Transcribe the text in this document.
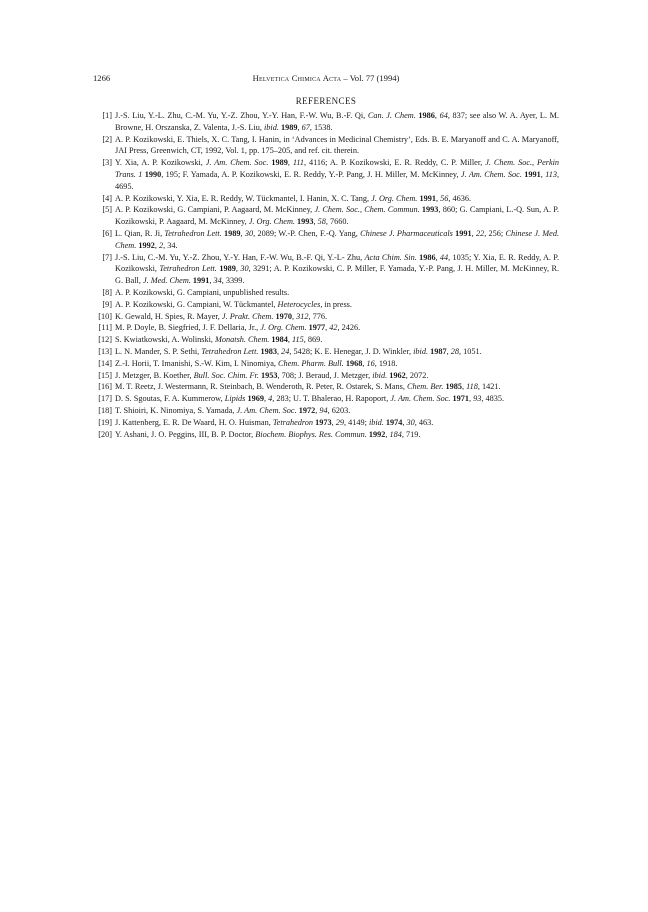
1266	Helvetica Chimica Acta – Vol. 77 (1994)
REFERENCES
[1] J.-S. Liu, Y.-L. Zhu, C.-M. Yu, Y.-Z. Zhou, Y.-Y. Han, F.-W. Wu, B.-F. Qi, Can. J. Chem. 1986, 64, 837; see also W. A. Ayer, L. M. Browne, H. Orszanska, Z. Valenta, J.-S. Liu, ibid. 1989, 67, 1538.
[2] A. P. Kozikowski, E. Thiels, X. C. Tang, I. Hanin, in ‘Advances in Medicinal Chemistry’, Eds. B. E. Maryanoff and C. A. Maryanoff, JAI Press, Greenwich, CT, 1992, Vol. 1, pp. 175–205, and ref. cit. therein.
[3] Y. Xia, A. P. Kozikowski, J. Am. Chem. Soc. 1989, 111, 4116; A. P. Kozikowski, E. R. Reddy, C. P. Miller, J. Chem. Soc., Perkin Trans. 1 1990, 195; F. Yamada, A. P. Kozikowski, E. R. Reddy, Y.-P. Pang, J. H. Miller, M. McKinney, J. Am. Chem. Soc. 1991, 113, 4695.
[4] A. P. Kozikowski, Y. Xia, E. R. Reddy, W. Tückmantel, I. Hanin, X. C. Tang, J. Org. Chem. 1991, 56, 4636.
[5] A. P. Kozikowski, G. Campiani, P. Aagaard, M. McKinney, J. Chem. Soc., Chem. Commun. 1993, 860; G. Campiani, L.-Q. Sun, A. P. Kozikowski, P. Aagaard, M. McKinney, J. Org. Chem. 1993, 58, 7660.
[6] L. Qian, R. Ji, Tetrahedron Lett. 1989, 30, 2089; W.-P. Chen, F.-Q. Yang, Chinese J. Pharmaceuticals 1991, 22, 256; Chinese J. Med. Chem. 1992, 2, 34.
[7] J.-S. Liu, C.-M. Yu, Y.-Z. Zhou, Y.-Y. Han, F.-W. Wu, B.-F. Qi, Y.-L- Zhu, Acta Chim. Sin. 1986, 44, 1035; Y. Xia, E. R. Reddy, A. P. Kozikowski, Tetrahedron Lett. 1989, 30, 3291; A. P. Kozikowski, C. P. Miller, F. Yamada, Y.-P. Pang, J. H. Miller, M. McKinney, R. G. Ball, J. Med. Chem. 1991, 34, 3399.
[8] A. P. Kozikowski, G. Campiani, unpublished results.
[9] A. P. Kozikowski, G. Campiani, W. Tückmantel, Heterocycles, in press.
[10] K. Gewald, H. Spies, R. Mayer, J. Prakt. Chem. 1970, 312, 776.
[11] M. P. Doyle, B. Siegfried, J. F. Dellaria, Jr., J. Org. Chem. 1977, 42, 2426.
[12] S. Kwiatkowski, A. Wolinski, Monatsh. Chem. 1984, 115, 869.
[13] L. N. Mander, S. P. Sethi, Tetrahedron Lett. 1983, 24, 5428; K. E. Henegar, J. D. Winkler, ibid. 1987, 28, 1051.
[14] Z.-I. Horii, T. Imanishi, S.-W. Kim, I. Ninomiya, Chem. Pharm. Bull. 1968, 16, 1918.
[15] J. Metzger, B. Koether, Bull. Soc. Chim. Fr. 1953, 708; J. Beraud, J. Metzger, ibid. 1962, 2072.
[16] M. T. Reetz, J. Westermann, R. Steinbach, B. Wenderoth, R. Peter, R. Ostarek, S. Mans, Chem. Ber. 1985, 118, 1421.
[17] D. S. Sgoutas, F. A. Kummerow, Lipids 1969, 4, 283; U. T. Bhalerao, H. Rapoport, J. Am. Chem. Soc. 1971, 93, 4835.
[18] T. Shioiri, K. Ninomiya, S. Yamada, J. Am. Chem. Soc. 1972, 94, 6203.
[19] J. Kattenberg, E. R. De Waard, H. O. Huisman, Tetrahedron 1973, 29, 4149; ibid. 1974, 30, 463.
[20] Y. Ashani, J. O. Peggins, III, B. P. Doctor, Biochem. Biophys. Res. Commun. 1992, 184, 719.
